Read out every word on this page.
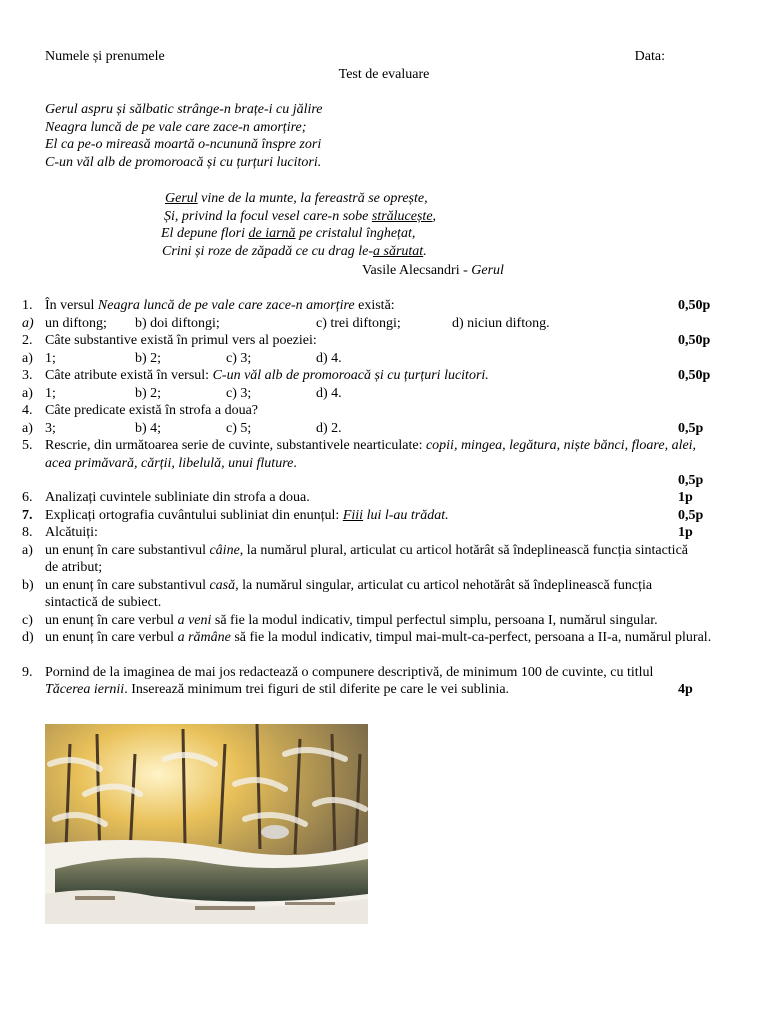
Numele și prenumele	Data:
Test de evaluare
Gerul aspru și sălbatic strânge-n brațe-i cu jălire
Neagra luncă de pe vale care zace-n amorțire;
El ca pe-o mireasă moartă o-ncunună înspre zori
C-un văl alb de promoroacă și cu țurțuri lucitori.
Gerul vine de la munte, la fereastră se oprește,
Și, privind la focul vesel care-n sobe strălucește,
El depune flori de iarnă pe cristalul înghețat,
Crini și roze de zăpadă ce cu drag le-a sărutat.
Vasile Alecsandri - Gerul
1. În versul Neagra luncă de pe vale care zace-n amorțire există:	0,50p
a) un diftong;	b) doi diftongi;	c) trei diftongi;	d) niciun diftong.
2. Câte substantive există în primul vers al poeziei:	0,50p
a) 1;	b) 2;	c) 3;	d) 4.
3. Câte atribute există în versul: C-un văl alb de promoroacă și cu țurțuri lucitori.	0,50p
a) 1;	b) 2;	c) 3;	d) 4.
4. Câte predicate există în strofa a doua?
a) 3;	b) 4;	c) 5;	d) 2.	0,5p
5. Rescrie, din următoarea serie de cuvinte, substantivele nearticulate: copii, mingea, legătura, niște bănci, floare, alei, acea primăvară, cărții, libelulă, unui fluture.
0,5p
6. Analizați cuvintele subliniate din strofa a doua.	1p
7. Explicați ortografia cuvântului subliniat din enunțul: Fiii lui l-au trădat.	0,5p
8. Alcătuiți:	1p
a) un enunț în care substantivul câine, la numărul plural, articulat cu articol hotărât să îndeplinească funcția sintactică de atribut;
b) un enunț în care substantivul casă, la numărul singular, articulat cu articol nehotărât să îndeplinească funcția sintactică de subiect.
c) un enunț în care verbul a veni să fie la modul indicativ, timpul perfectul simplu, persoana I, numărul singular.
d) un enunț în care verbul a rămâne să fie la modul indicativ, timpul mai-mult-ca-perfect, persoana a II-a, numărul plural.
9. Pornind de la imaginea de mai jos redactează o compunere descriptivă, de minimum 100 de cuvinte, cu titlul Tăcerea iernii. Inserează minimum trei figuri de stil diferite pe care le vei sublinia.	4p
